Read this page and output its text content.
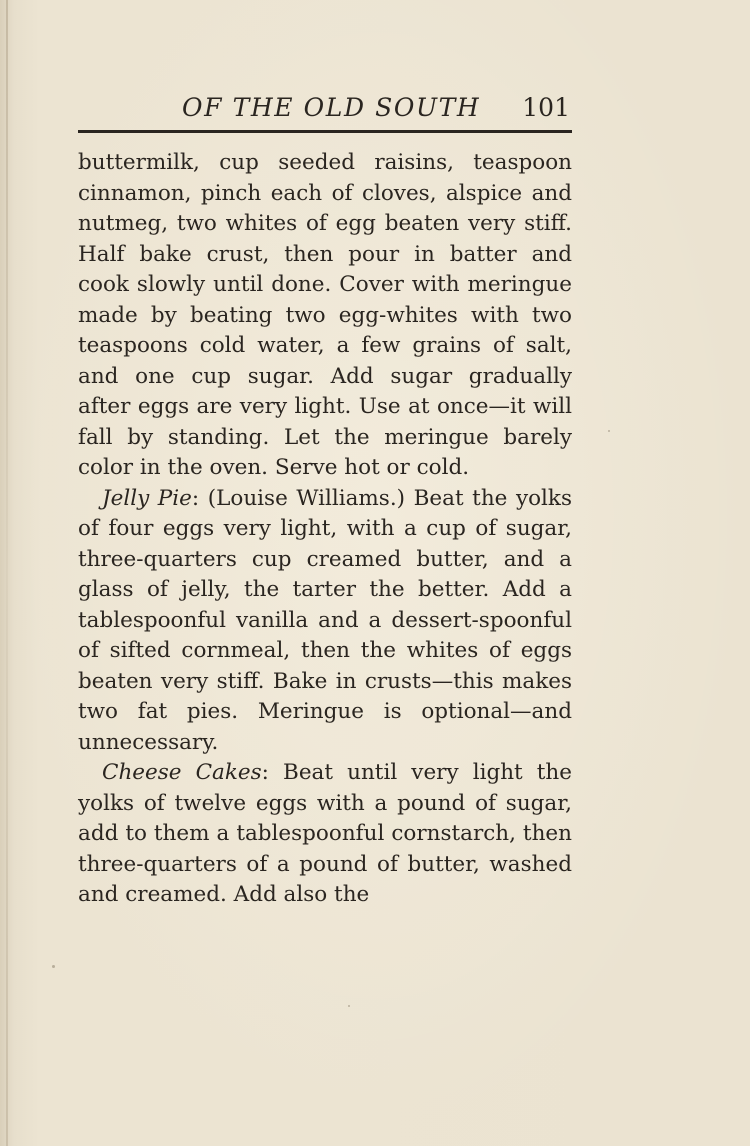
OF THE OLD SOUTH 101

buttermilk, cup seeded raisins, teaspoon cinnamon, pinch each of cloves, alspice and nutmeg, two whites of egg beaten very stiff. Half bake crust, then pour in batter and cook slowly until done. Cover with meringue made by beating two egg-whites with two teaspoons cold water, a few grains of salt, and one cup sugar. Add sugar gradually after eggs are very light. Use at once—it will fall by standing. Let the meringue barely color in the oven. Serve hot or cold.

Jelly Pie: (Louise Williams.) Beat the yolks of four eggs very light, with a cup of sugar, three-quarters cup creamed butter, and a glass of jelly, the tarter the better. Add a tablespoonful vanilla and a dessert-spoonful of sifted cornmeal, then the whites of eggs beaten very stiff. Bake in crusts—this makes two fat pies. Meringue is optional—and unnecessary.

Cheese Cakes: Beat until very light the yolks of twelve eggs with a pound of sugar, add to them a tablespoonful cornstarch, then three-quarters of a pound of butter, washed and creamed. Add also the
